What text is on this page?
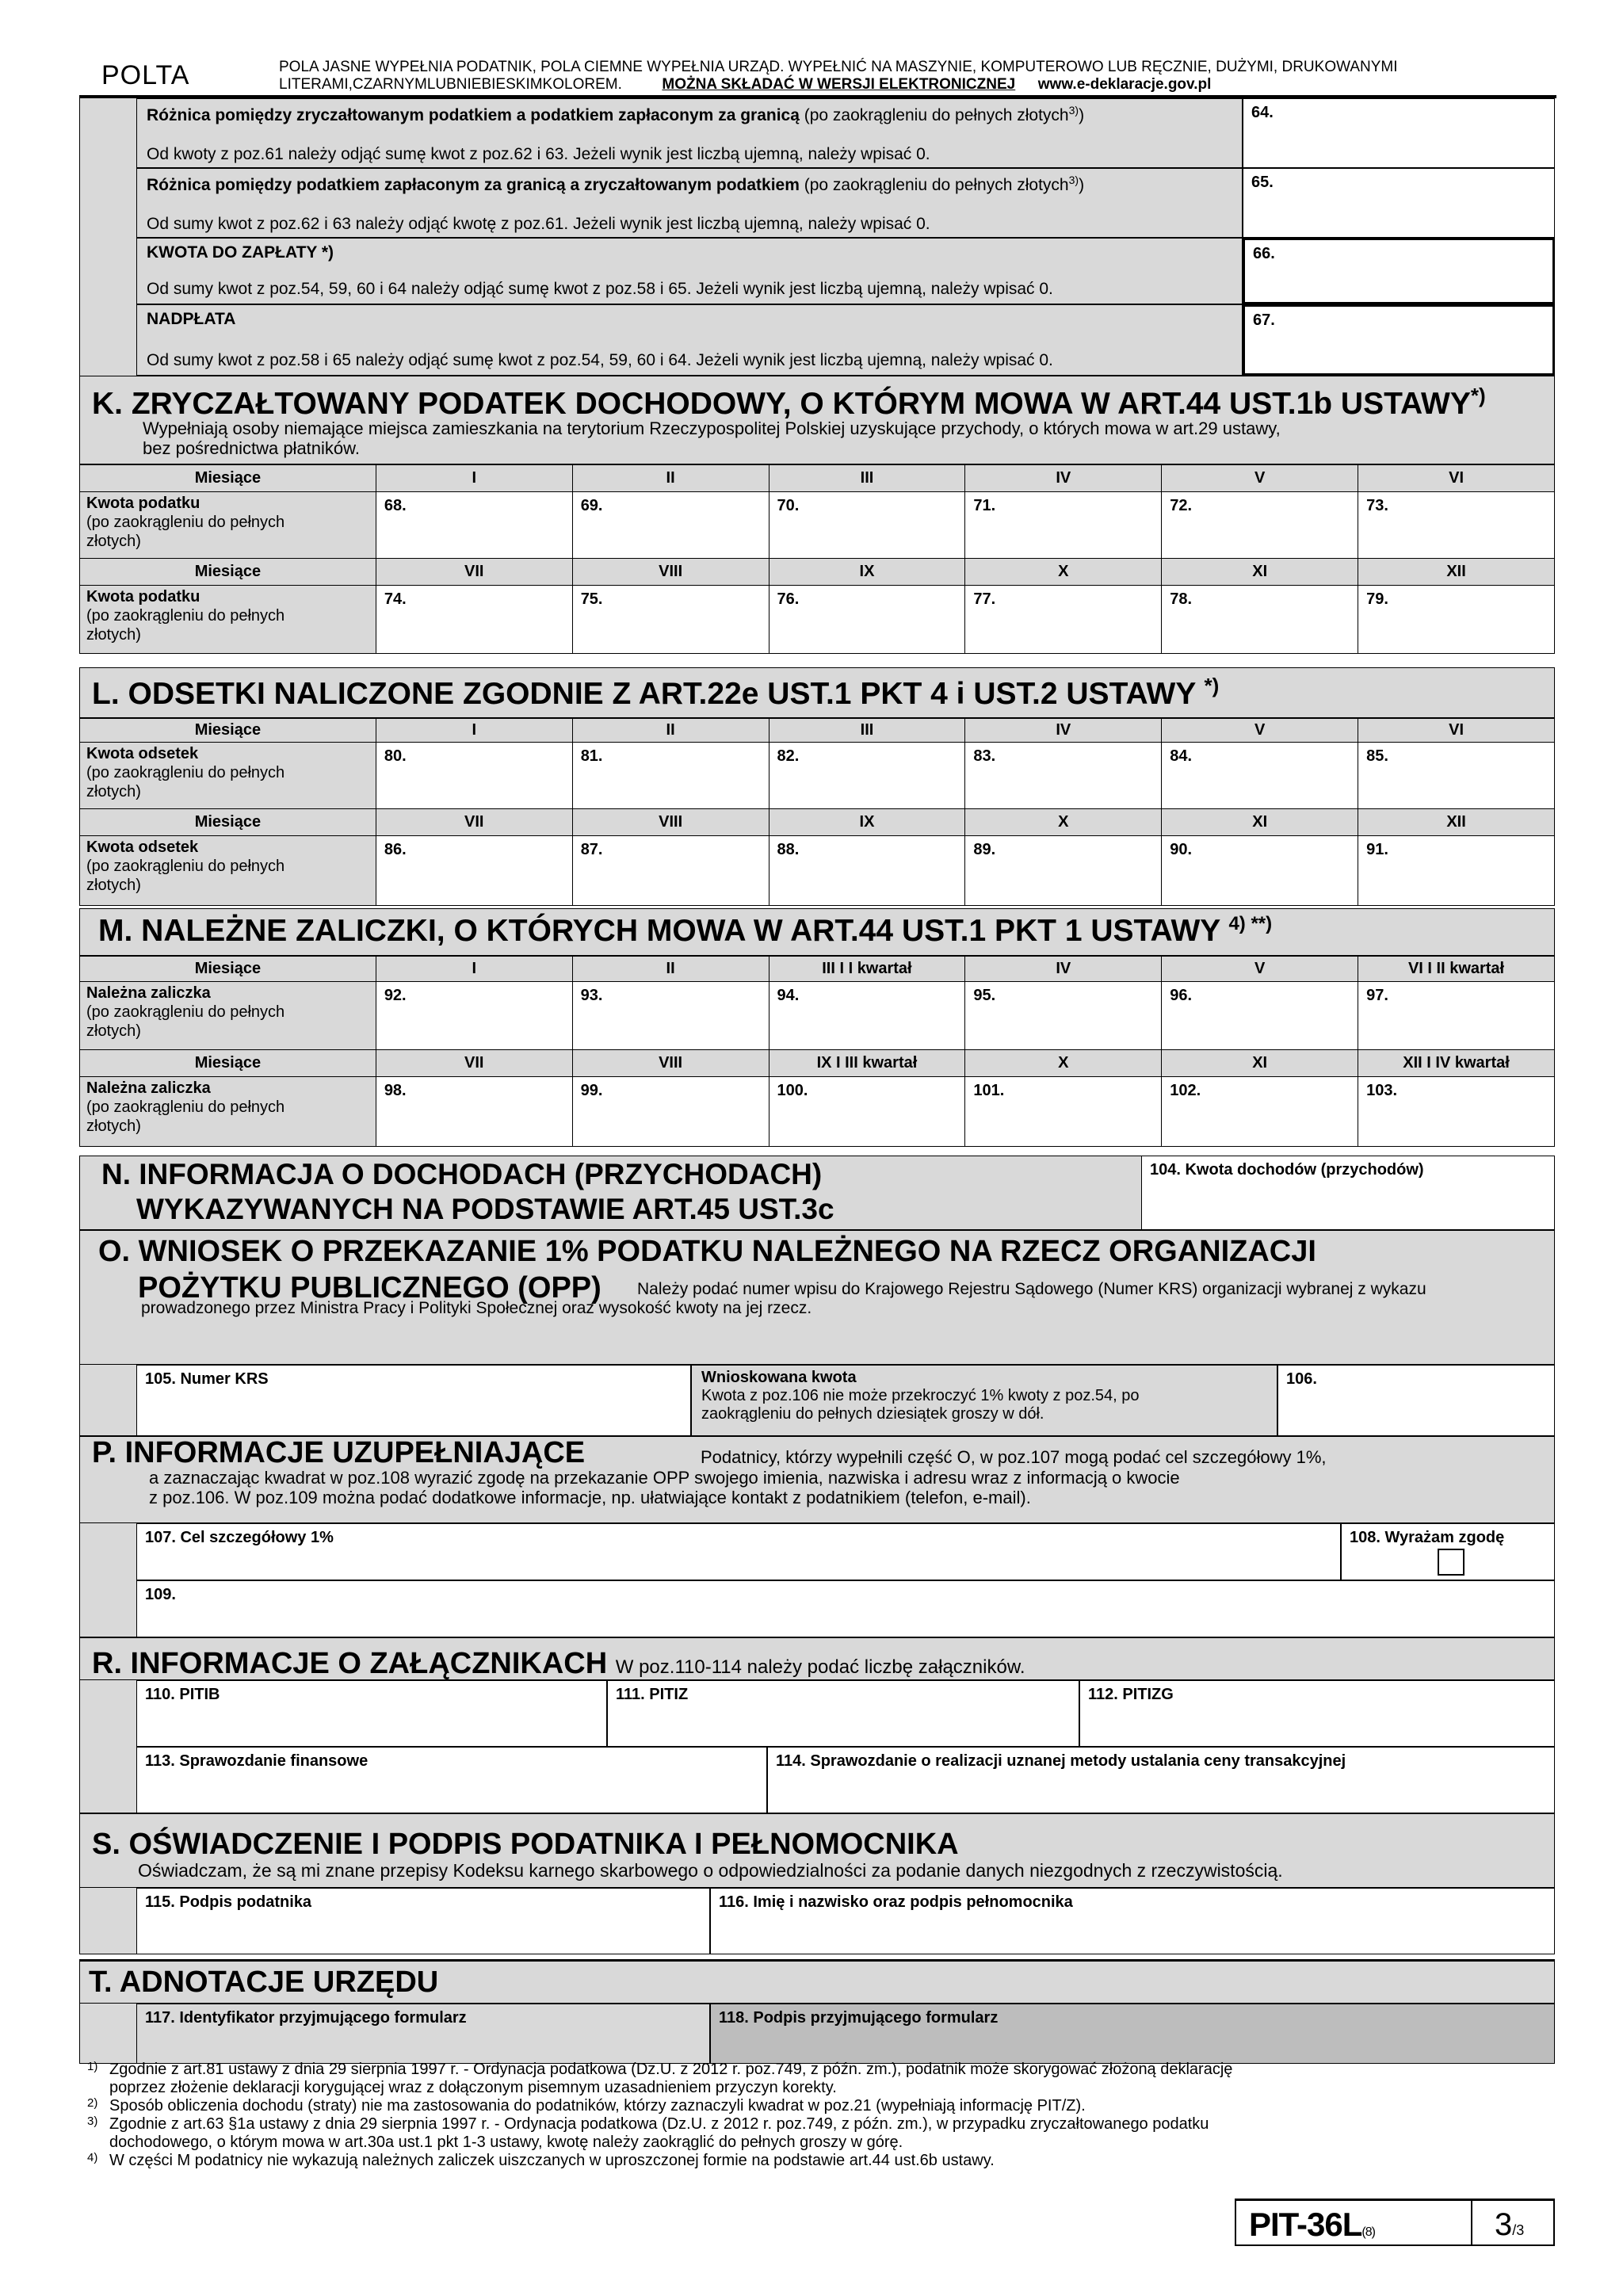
POLTA	POLA JASNE WYPEŁNIA PODATNIK, POLA CIEMNE WYPEŁNIA URZĄD. WYPEŁNIĆ NA MASZYNIE, KOMPUTEROWO LUB RĘCZNIE, DUŻYMI, DRUKOWANYMI
LITERAMI,CZARNYMLUBNIEBIESKIMKOLOREM.	MOŻNA SKŁADAĆ W WERSJI ELEKTRONICZNEJ www.e-deklaracje.gov.pl
Różnica pomiędzy zryczałtowanym podatkiem a podatkiem zapłaconym za granicą (po zaokrągleniu do pełnych złotych$^{3)}$)
Od kwoty z poz.61 należy odjąć sumę kwot z poz.62 i 63. Jeżeli wynik jest liczbą ujemną, należy wpisać 0.
64.
Różnica pomiędzy podatkiem zapłaconym za granicą a zryczałtowanym podatkiem (po zaokrągleniu do pełnych złotych$^{3)}$)
Od sumy kwot z poz.62 i 63 należy odjąć kwotę z poz.61. Jeżeli wynik jest liczbą ujemną, należy wpisać 0.
65.
KWOTA DO ZAPŁATY *)
Od sumy kwot z poz.54, 59, 60 i 64 należy odjąć sumę kwot z poz.58 i 65. Jeżeli wynik jest liczbą ujemną, należy wpisać 0.
66.
NADPŁATA
Od sumy kwot z poz.58 i 65 należy odjąć sumę kwot z poz.54, 59, 60 i 64. Jeżeli wynik jest liczbą ujemną, należy wpisać 0.
67.
K. ZRYCZAŁTOWANY PODATEK DOCHODOWY, O KTÓRYM MOWA W ART.44 UST.1b USTAWY*)
Wypełniają osoby niemające miejsca zamieszkania na terytorium Rzeczypospolitej Polskiej uzyskujące przychody, o których mowa w art.29 ustawy,
bez pośrednictwa płatników.
Miesiące	I	II	III	IV	V	VI
Kwota podatku
(po zaokrągleniu do pełnych
złotych)	68.	69.	70.	71.	72.	73.
Miesiące	VII	VIII	IX	X	XI	XII
Kwota podatku
(po zaokrągleniu do pełnych
złotych)	74.	75.	76.	77.	78.	79.
L. ODSETKI NALICZONE ZGODNIE Z ART.22e UST.1 PKT 4 i UST.2 USTAWY *)
Miesiące	I	II	III	IV	V	VI
Kwota odsetek
(po zaokrągleniu do pełnych
złotych)	80.	81.	82.	83.	84.	85.
Miesiące	VII	VIII	IX	X	XI	XII
Kwota odsetek
(po zaokrągleniu do pełnych
złotych)	86.	87.	88.	89.	90.	91.
M. NALEŻNE ZALICZKI, O KTÓRYCH MOWA W ART.44 UST.1 PKT 1 USTAWY $^{4) **)}$
Miesiące	I	II	III I I kwartał	IV	V	VI I II kwartał
Należna zaliczka
(po zaokrągleniu do pełnych
złotych)	92.	93.	94.	95.	96.	97.
Miesiące	VII	VIII	IX I III kwartał	X	XI	XII I IV kwartał
Należna zaliczka
(po zaokrągleniu do pełnych
złotych)	98.	99.	100.	101.	102.	103.
N. INFORMACJA O DOCHODACH (PRZYCHODACH)
WYKAZYWANYCH NA PODSTAWIE ART.45 UST.3c
104. Kwota dochodów (przychodów)
O. WNIOSEK O PRZEKAZANIE 1% PODATKU NALEŻNEGO NA RZECZ ORGANIZACJI
POŻYTKU PUBLICZNEGO (OPP)	Należy podać numer wpisu do Krajowego Rejestru Sądowego (Numer KRS) organizacji wybranej z wykazu
prowadzonego przez Ministra Pracy i Polityki Społecznej oraz wysokość kwoty na jej rzecz.
105. Numer KRS	Wnioskowana kwota
Kwota z poz.106 nie może przekroczyć 1% kwoty z poz.54, po
zaokrągleniu do pełnych dziesiątek groszy w dół.
106.
P. INFORMACJE UZUPEŁNIAJĄCE	Podatnicy, którzy wypełnili część O, w poz.107 mogą podać cel szczegółowy 1%,
a zaznaczając kwadrat w poz.108 wyrazić zgodę na przekazanie OPP swojego imienia, nazwiska i adresu wraz z informacją o kwocie
z poz.106. W poz.109 można podać dodatkowe informacje, np. ułatwiające kontakt z podatnikiem (telefon, e-mail).
107. Cel szczegółowy 1%	108. Wyrażam zgodę
109.
R. INFORMACJE O ZAŁĄCZNIKACH W poz.110-114 należy podać liczbę załączników.
110. PITIB	111. PITIZ	112. PITIZG
113. Sprawozdanie finansowe	114. Sprawozdanie o realizacji uznanej metody ustalania ceny transakcyjnej
S. OŚWIADCZENIE I PODPIS PODATNIKA I PEŁNOMOCNIKA
Oświadczam, że są mi znane przepisy Kodeksu karnego skarbowego o odpowiedzialności za podanie danych niezgodnych z rzeczywistością.
115. Podpis podatnika	116. Imię i nazwisko oraz podpis pełnomocnika
T. ADNOTACJE URZĘDU
117. Identyfikator przyjmującego formularz	118. Podpis przyjmującego formularz
1) Zgodnie z art.81 ustawy z dnia 29 sierpnia 1997 r. - Ordynacja podatkowa (Dz.U. z 2012 r. poz.749, z późn. zm.), podatnik może skorygować złożoną deklarację
poprzez złożenie deklaracji korygującej wraz z dołączonym pisemnym uzasadnieniem przyczyn korekty.
2) Sposób obliczenia dochodu (straty) nie ma zastosowania do podatników, którzy zaznaczyli kwadrat w poz.21 (wypełniają informację PIT/Z).
3) Zgodnie z art.63 §1a ustawy z dnia 29 sierpnia 1997 r. - Ordynacja podatkowa (Dz.U. z 2012 r. poz.749, z późn. zm.), w przypadku zryczałtowanego podatku
dochodowego, o którym mowa w art.30a ust.1 pkt 1-3 ustawy, kwotę należy zaokrąglić do pełnych groszy w górę.
4) W części M podatnicy nie wykazują należnych zaliczek uiszczanych w uproszczonej formie na podstawie art.44 ust.6b ustawy.
PIT-36L(8)	3/3
